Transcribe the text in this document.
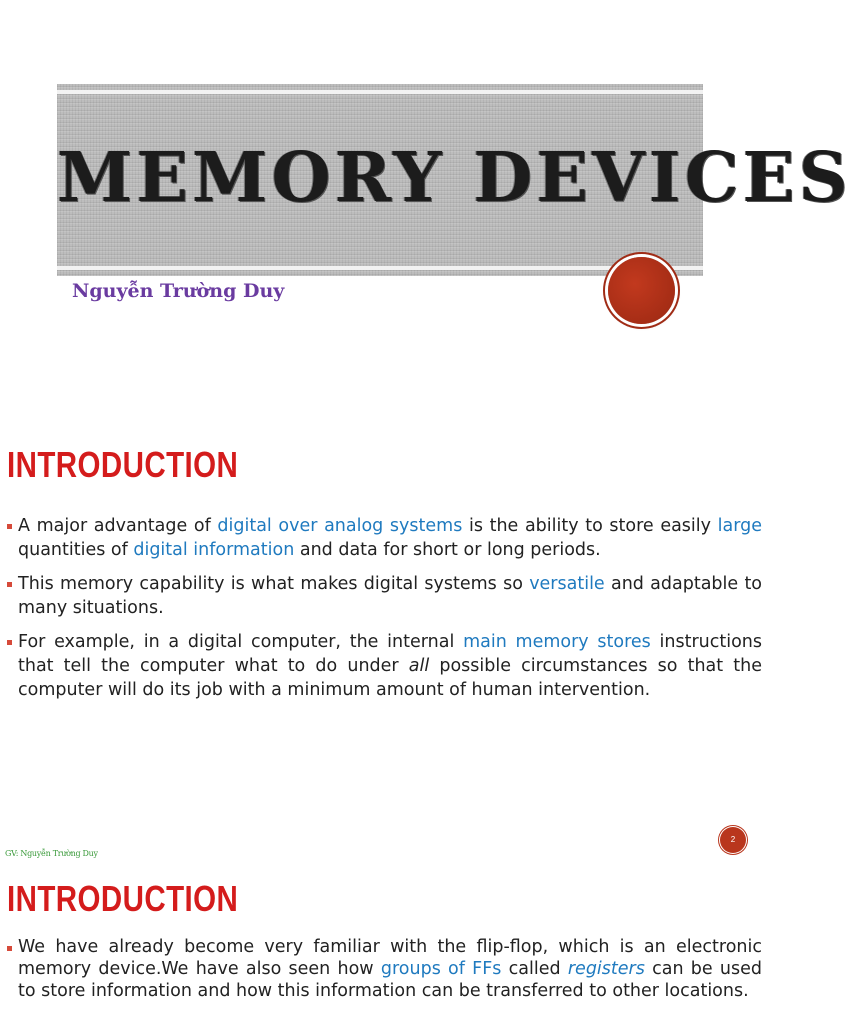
MEMORY DEVICES
Nguyễn Trường Duy
INTRODUCTION
A major advantage of digital over analog systems is the ability to store easily large quantities of digital information and data for short or long periods.
This memory capability is what makes digital systems so versatile and adaptable to many situations.
For example, in a digital computer, the internal main memory stores instructions that tell the computer what to do under all possible circumstances so that the computer will do its job with a minimum amount of human intervention.
GV: Nguyễn Trường Duy
2
INTRODUCTION
We have already become very familiar with the flip-flop, which is an electronic memory device.We have also seen how groups of FFs called registers can be used to store information and how this information can be transferred to other locations.
